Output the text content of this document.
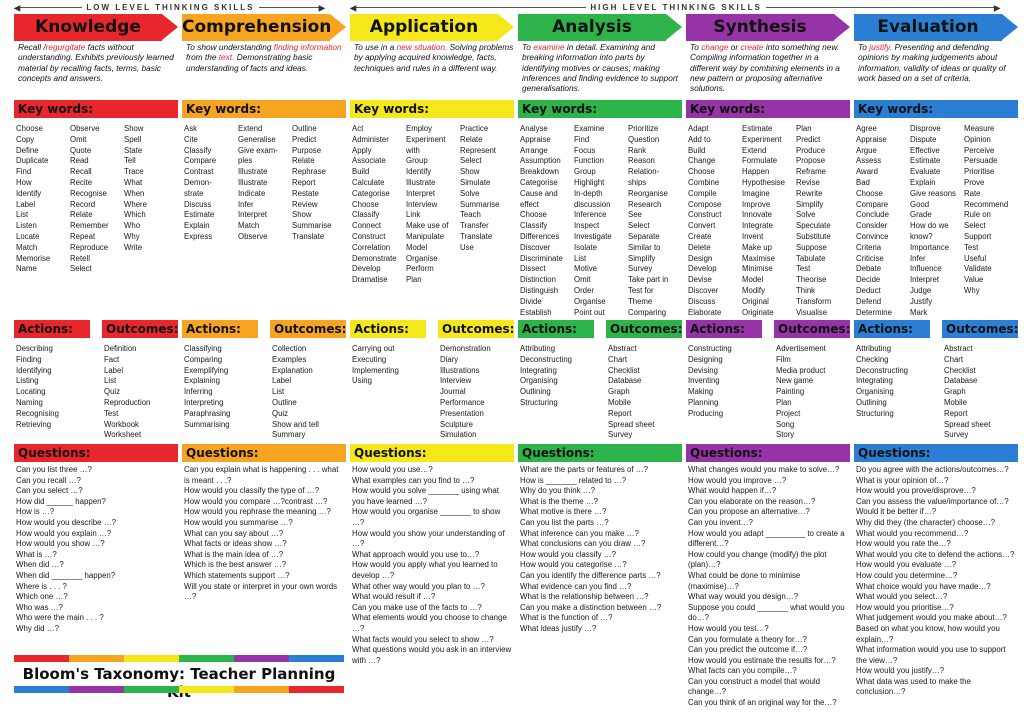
◀	LOW LEVEL THINKING SKILLS	▶	◀	HIGH LEVEL THINKING SKILLS	▶
Knowledge
Recall /regurgitate facts without understanding. Exhibits previously learned material by recalling facts, terms, basic concepts and answers.
Key words:
Choose
Copy
Define
Duplicate
Find
How
Identify
Label
List
Listen
Locate
Match
Memorise
Name
Observe
Omit
Quote
Read
Recall
Recite
Recognise
Record
Relate
Remember
Repeat
Reproduce
Retell
Select
Show
Spell
State
Tell
Trace
What
When
Where
Which
Who
Why
Write
Actions:	Outcomes:
Describing
Finding
Identifying
Listing
Locating
Naming
Recognising
Retrieving
Definition
Fact
Label
List
Quiz
Reproduction
Test
Workbook
Worksheet
Questions:
Can you list three …?
Can you recall …?
Can you select …?
How did ______ happen?
How is …?
How would you describe …?
How would you explain …?
How would you show …?
What is …?
When did …?
When did _______ happen?
Where is . . . ?
Which one …?
Who was …?
Who were the main . . . ?
Why did …?
Comprehension
To show understanding finding information from the text. Demonstrating basic understanding of facts and ideas.
Key words:
Ask
Cite
Classify
Compare
Contrast
Demon-
strate
Discuss
Estimate
Explain
Express
Extend
Generalise
Give exam-
ples
Illustrate
Illustrate
Indicate
Infer
Interpret
Match
Observe
Outline
Predict
Purpose
Relate
Rephrase
Report
Restate
Review
Show
Summarise
Translate
Actions:	Outcomes:
Classifying
Comparing
Exemplifying
Explaining
Inferring
Interpreting
Paraphrasing
Summarising
Collection
Examples
Explanation
Label
List
Outline
Quiz
Show and tell
Summary
Questions:
Can you explain what is happening . . . what is meant . . .?
How would you classify the type of …?
How would you compare …?contrast …?
How would you rephrase the meaning …?
How would you summarise …?
What can you say about …?
What facts or ideas show …?
What is the main idea of …?
Which is the best answer …?
Which statements support …?
Will you state or interpret in your own words …?
Application
To use in a new situation. Solving problems by applying acquired knowledge, facts, techniques and rules in a different way.
Key words:
Act
Administer
Apply
Associate
Build
Calculate
Categorise
Choose
Classify
Connect
Construct
Correlation
Demonstrate
Develop
Dramatise
Employ
Experiment
with
Group
Identify
Illustrate
Interpret
Interview
Link
Make use of
Manipulate
Model
Organise
Perform
Plan
Practice
Relate
Represent
Select
Show
Simulate
Solve
Summarise
Teach
Transfer
Translate
Use
Actions:	Outcomes:
Carrying out
Executing
Implementing
Using
Demonstration
Diary
Illustrations
Interview
Journal
Performance
Presentation
Sculpture
Simulation
Questions:
How would you use…?
What examples can you find to …?
How would you solve _______ using what you have learned …?
How would you organise _______ to show …?
How would you show your understanding of …?
What approach would you use to…?
How would you apply what you learned to develop …?
What other way would you plan to …?
What would result if …?
Can you make use of the facts to …?
What elements would you choose to change …?
What facts would you select to show …?
What questions would you ask in an interview with …?
Analysis
To examine in detail. Examining and breaking information into parts by identifying motives or causes; making inferences and finding evidence to support generalisations.
Key words:
Analyse
Appraise
Arrange
Assumption
Breakdown
Categorise
Cause and
effect
Choose
Classify
Differences
Discover
Discriminate
Dissect
Distinction
Distinguish
Divide
Establish
Examine
Find
Focus
Function
Group
Highlight
In-depth
discussion
Inference
Inspect
Investigate
Isolate
List
Motive
Omit
Order
Organise
Point out
Prioritize
Question
Rank
Reason
Relation-
ships
Reorganise
Research
See
Select
Separate
Similar to
Simplify
Survey
Take part in
Test for
Theme
Comparing
Actions:	Outcomes:
Attributing
Deconstructing
Integrating
Organising
Outlining
Structuring
Abstract
Chart
Checklist
Database
Graph
Mobile
Report
Spread sheet
Survey
Questions:
What are the parts or features of …?
How is _______ related to …?
Why do you think …?
What is the theme …?
What motive is there …?
Can you list the parts …?
What inference can you make …?
What conclusions can you draw …?
How would you classify …?
How would you categorise …?
Can you identify the difference parts …?
What evidence can you find …?
What is the relationship between …?
Can you make a distinction between …?
What is the function of …?
What ideas justify …?
Synthesis
To change or create into something new. Compiling information together in a different way by combining elements in a new pattern or proposing alternative solutions.
Key words:
Adapt
Add to
Build
Change
Choose
Combine
Compile
Compose
Construct
Convert
Create
Delete
Design
Develop
Devise
Discover
Discuss
Elaborate
Estimate
Experiment
Extend
Formulate
Happen
Hypothesise
Imagine
Improve
Innovate
Integrate
Invent
Make up
Maximise
Minimise
Model
Modify
Original
Originate
Plan
Predict
Produce
Propose
Reframe
Revise
Rewrite
Simplify
Solve
Speculate
Substitute
Suppose
Tabulate
Test
Theorise
Think
Transform
Visualise
Actions:	Outcomes:
Constructing
Designing
Devising
Inventing
Making
Planning
Producing
Advertisement
Film
Media product
New game
Painting
Plan
Project
Song
Story
Questions:
What changes would you make to solve…?
How would you improve …?
What would happen if…?
Can you elaborate on the reason…?
Can you propose an alternative…?
Can you invent…?
How would you adapt _________ to create a different…?
How could you change (modify) the plot (plan)…?
What could be done to minimise (maximise)…?
What way would you design…?
Suppose you could _______ what would you do…?
How would you test…?
Can you formulate a theory for…?
Can you predict the outcome if…?
How would you estimate the results for…?
What facts can you compile…?
Can you construct a model that would change…?
Can you think of an original way for the…?
Evaluation
To justify. Presenting and defending opinions by making judgements about information, validity of ideas or quality of work based on a set of criteria.
Key words:
Agree
Appraise
Argue
Assess
Award
Bad
Choose
Compare
Conclude
Consider
Convince
Criteria
Criticise
Debate
Decide
Deduct
Defend
Determine
Disprove
Dispute
Effective
Estimate
Evaluate
Explain
Give reasons
Good
Grade
How do we
know?
Importance
Infer
Influence
Interpret
Judge
Justify
Mark
Measure
Opinion
Perceive
Persuade
Prioritise
Prove
Rate
Recommend
Rule on
Select
Support
Test
Useful
Validate
Value
Why
Actions:	Outcomes:
Attributing
Checking
Deconstructing
Integrating
Organising
Outlining
Structuring
Abstract
Chart
Checklist
Database
Graph
Mobile
Report
Spread sheet
Survey
Questions:
Do you agree with the actions/outcomes…?
What is your opinion of…?
How would you prove/disprove…?
Can you assess the value/importance of…?
Would it be better if…?
Why did they (the character) choose…?
What would you recommend…?
How would you rate the…?
What would you cite to defend the actions…?
How would you evaluate …?
How could you determine…?
What choice would you have made…?
What would you select…?
How would you prioritise…?
What judgement would you make about…?
Based on what you know, how would you explain…?
What information would you use to support the view…?
How would you justify…?
What data was used to make the conclusion…?
Bloom's Taxonomy: Teacher Planning
